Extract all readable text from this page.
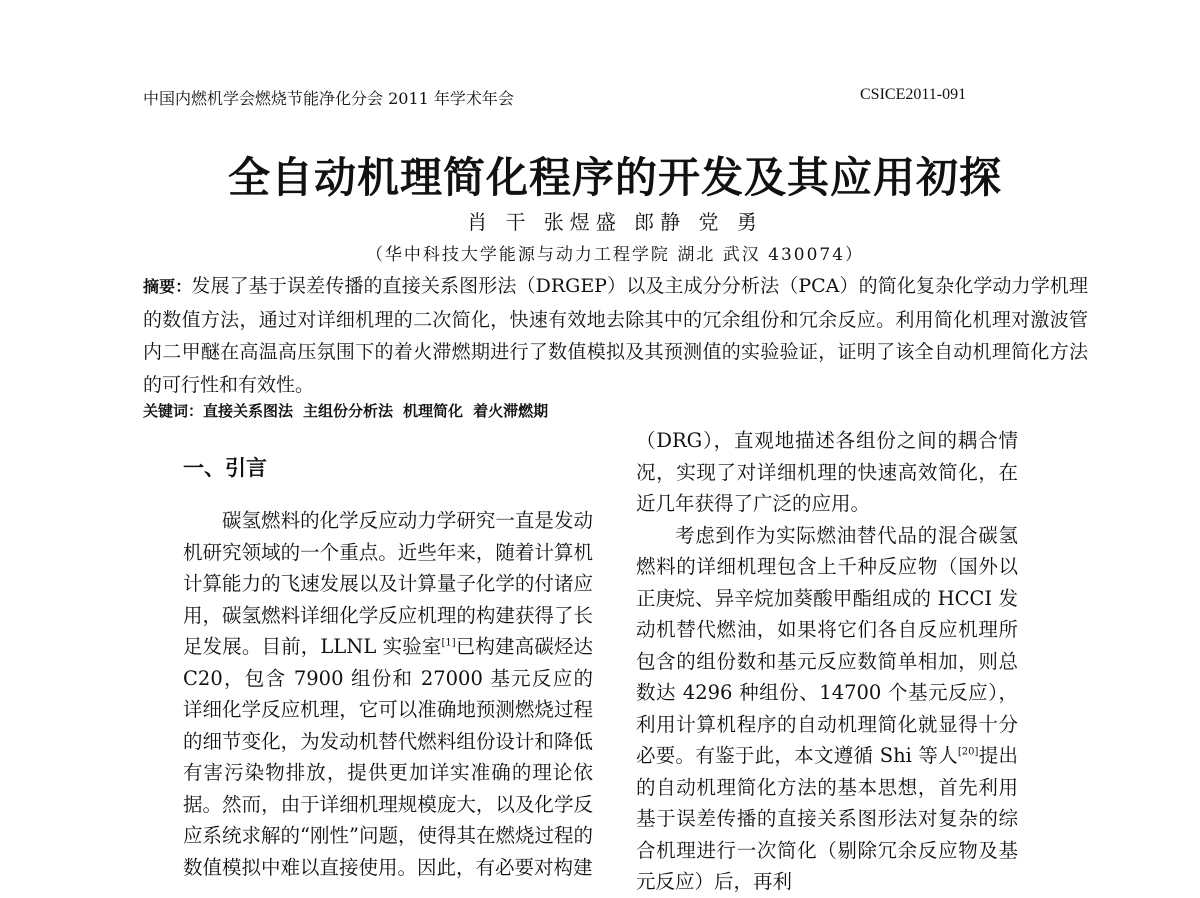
中国内燃机学会燃烧节能净化分会 2011 年学术年会	CSICE2011-091
全自动机理简化程序的开发及其应用初探
肖 干 张煜盛 郎静 党 勇
（华中科技大学能源与动力工程学院 湖北 武汉 430074）
摘要：发展了基于误差传播的直接关系图形法（DRGEP）以及主成分分析法（PCA）的简化复杂化学动力学机理的数值方法，通过对详细机理的二次简化，快速有效地去除其中的冗余组份和冗余反应。利用简化机理对激波管内二甲醚在高温高压氛围下的着火滞燃期进行了数值模拟及其预测值的实验验证，证明了该全自动机理简化方法的可行性和有效性。
关键词：直接关系图法 主组份分析法 机理简化 着火滞燃期
一、引言

碳氢燃料的化学反应动力学研究一直是发动机研究领域的一个重点。近些年来，随着计算机计算能力的飞速发展以及计算量子化学的付诸应用，碳氢燃料详细化学反应机理的构建获得了长足发展。目前，LLNL 实验室[1]已构建高碳烃达 C20，包含 7900 组份和 27000 基元反应的详细化学反应机理，它可以准确地预测燃烧过程的细节变化，为发动机替代燃料组份设计和降低有害污染物排放，提供更加详实准确的理论依据。然而，由于详细机理规模庞大，以及化学反应系统求解的“刚性”问题，使得其在燃烧过程的数值模拟中难以直接使用。因此，有必要对构建

（DRG），直观地描述各组份之间的耦合情况，实现了对详细机理的快速高效简化，在近几年获得了广泛的应用。

考虑到作为实际燃油替代品的混合碳氢燃料的详细机理包含上千种反应物（国外以正庚烷、异辛烷加葵酸甲酯组成的 HCCI 发动机替代燃油，如果将它们各自反应机理所包含的组份数和基元反应数简单相加，则总数达 4296 种组份、14700 个基元反应），利用计算机程序的自动机理简化就显得十分必要。有鉴于此，本文遵循 Shi 等人[20]提出的自动机理简化方法的基本思想，首先利用基于误差传播的直接关系图形法对复杂的综合机理进行一次简化（剔除冗余反应物及基元反应）后，再利
